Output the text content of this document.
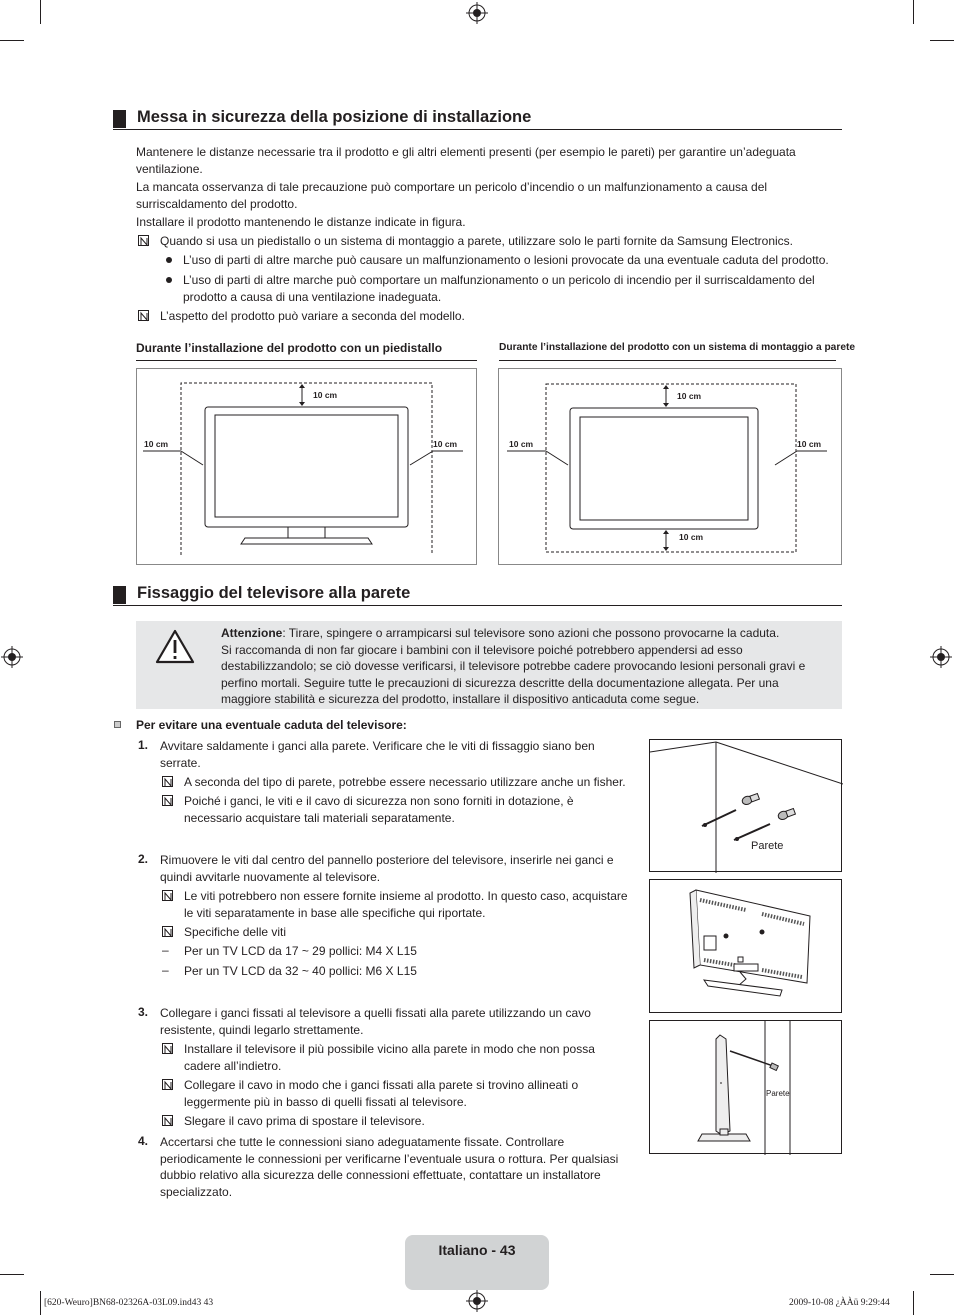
Messa in sicurezza della posizione di installazione
Mantenere le distanze necessarie tra il prodotto e gli altri elementi presenti (per esempio le pareti) per garantire un’adeguata ventilazione.
La mancata osservanza di tale precauzione può comportare un pericolo d’incendio o un malfunzionamento a causa del surriscaldamento del prodotto.
Installare il prodotto mantenendo le distanze indicate in figura.
Quando si usa un piedistallo o un sistema di montaggio a parete, utilizzare solo le parti fornite da Samsung Electronics.
L’uso di parti di altre marche può causare un malfunzionamento o lesioni provocate da una eventuale caduta del prodotto.
L’uso di parti di altre marche può comportare un malfunzionamento o un pericolo di incendio per il surriscaldamento del prodotto a causa di una ventilazione inadeguata.
L’aspetto del prodotto può variare a seconda del modello.
Durante l’installazione del prodotto con un piedistallo	Durante l’installazione del prodotto con un sistema di montaggio a parete
10 cm
10 cm	10 cm
10 cm
10 cm	10 cm
10 cm
Fissaggio del televisore alla parete
Attenzione: Tirare, spingere o arrampicarsi sul televisore sono azioni che possono provocarne la caduta.
Si raccomanda di non far giocare i bambini con il televisore poiché potrebbero appendersi ad esso destabilizzandolo; se ciò dovesse verificarsi, il televisore potrebbe cadere provocando lesioni personali gravi e perfino mortali. Seguire tutte le precauzioni di sicurezza descritte della documentazione allegata. Per una maggiore stabilità e sicurezza del prodotto, installare il dispositivo anticaduta come segue.
Per evitare una eventuale caduta del televisore:
1. Avvitare saldamente i ganci alla parete. Verificare che le viti di fissaggio siano ben serrate.
A seconda del tipo di parete, potrebbe essere necessario utilizzare anche un fisher.
Poiché i ganci, le viti e il cavo di sicurezza non sono forniti in dotazione, è necessario acquistare tali materiali separatamente.
2. Rimuovere le viti dal centro del pannello posteriore del televisore, inserirle nei ganci e quindi avvitarle nuovamente al televisore.
Le viti potrebbero non essere fornite insieme al prodotto. In questo caso, acquistare le viti separatamente in base alle specifiche qui riportate.
Specifiche delle viti
– Per un TV LCD da 17 ~ 29 pollici: M4 X L15
– Per un TV LCD da 32 ~ 40 pollici: M6 X L15
3. Collegare i ganci fissati al televisore a quelli fissati alla parete utilizzando un cavo resistente, quindi legarlo strettamente.
Installare il televisore il più possibile vicino alla parete in modo che non possa cadere all’indietro.
Collegare il cavo in modo che i ganci fissati alla parete si trovino allineati o leggermente più in basso di quelli fissati al televisore.
Slegare il cavo prima di spostare il televisore.
4. Accertarsi che tutte le connessioni siano adeguatamente fissate. Controllare periodicamente le connessioni per verificarne l’eventuale usura o rottura. Per qualsiasi dubbio relativo alla sicurezza delle connessioni effettuate, contattare un installatore specializzato.
Parete
Parete
Italiano - 43
[620-Weuro]BN68-02326A-03L09.ind43 43	2009-10-08 ¿ÀÀü 9:29:44
